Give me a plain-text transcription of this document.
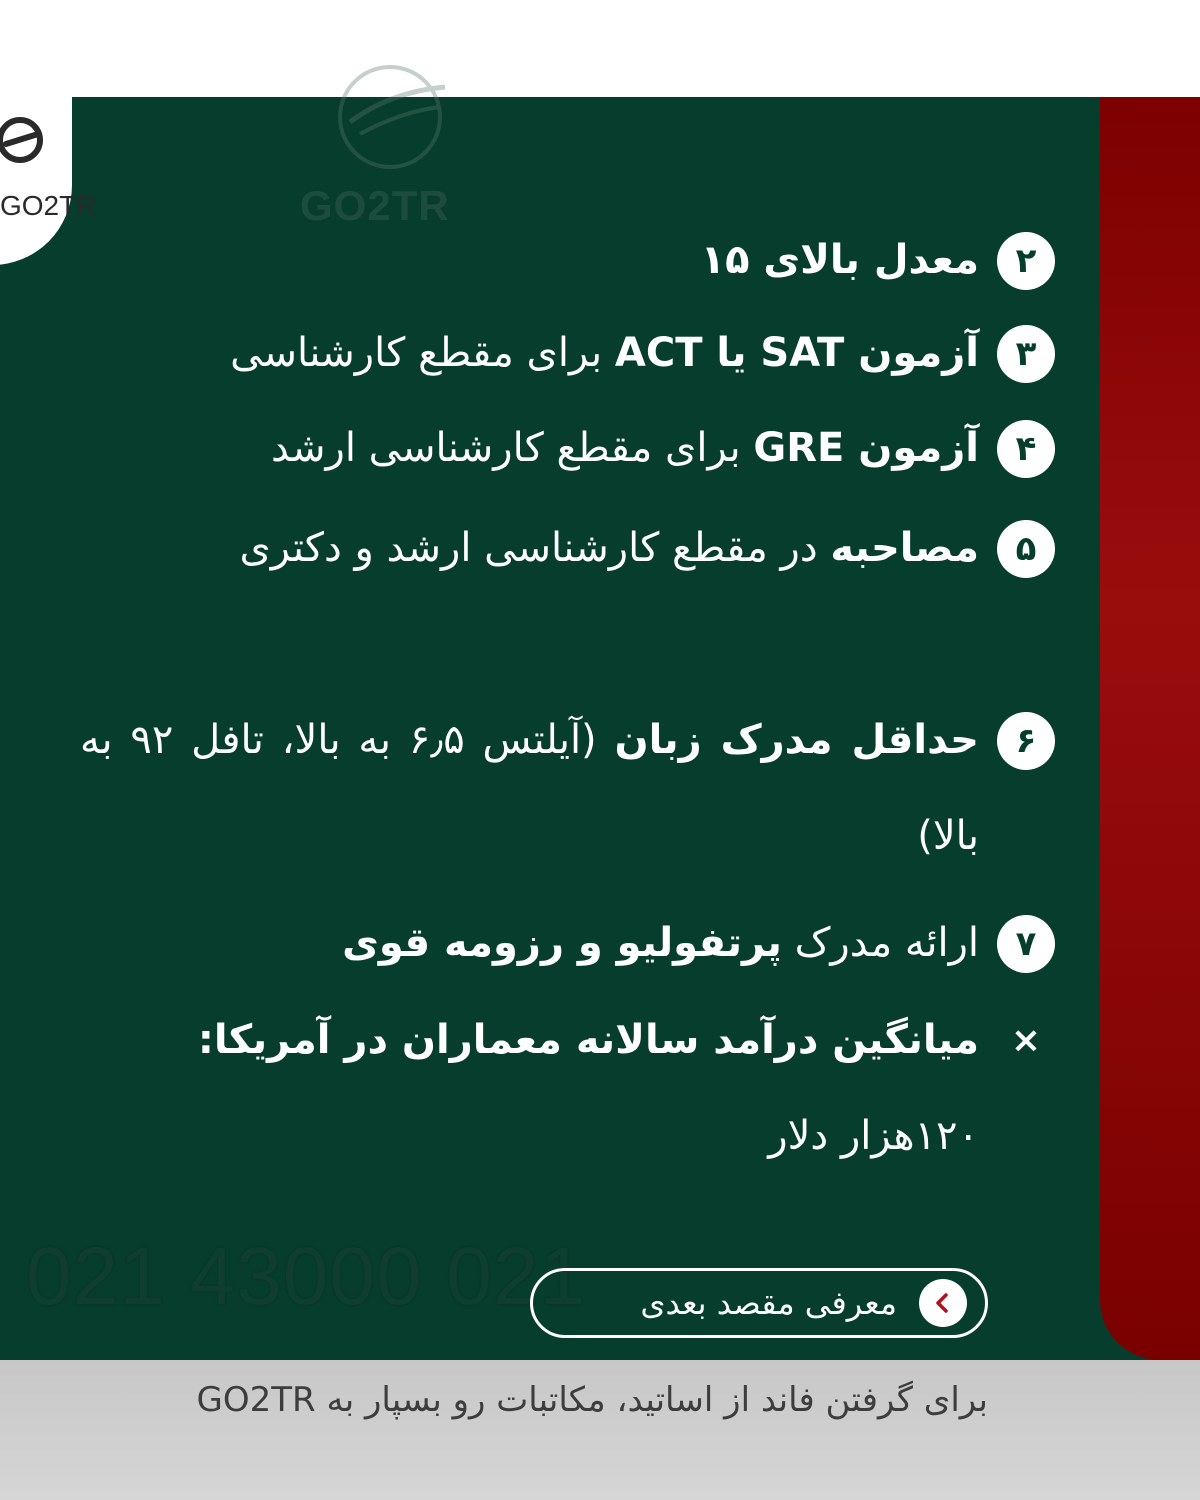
GO2TR	GO2TR
۲
معدل بالای ۱۵
۳
آزمون SAT یا ACT برای مقطع کارشناسی
۴
آزمون GRE برای مقطع کارشناسی ارشد
۵
مصاحبه در مقطع کارشناسی ارشد و دکتری
۶
حداقل مدرک زبان (آیلتس ۶٫۵ به بالا، تافل ۹۲ به بالا)
۷
ارائه مدرک پرتفولیو و رزومه قوی
×
میانگین درآمد سالانه معماران در آمریکا:
۱۲۰هزار دلار
021 43000 021 معرفی مقصد بعدی
برای گرفتن فاند از اساتید، مکاتبات رو بسپار به GO2TR
